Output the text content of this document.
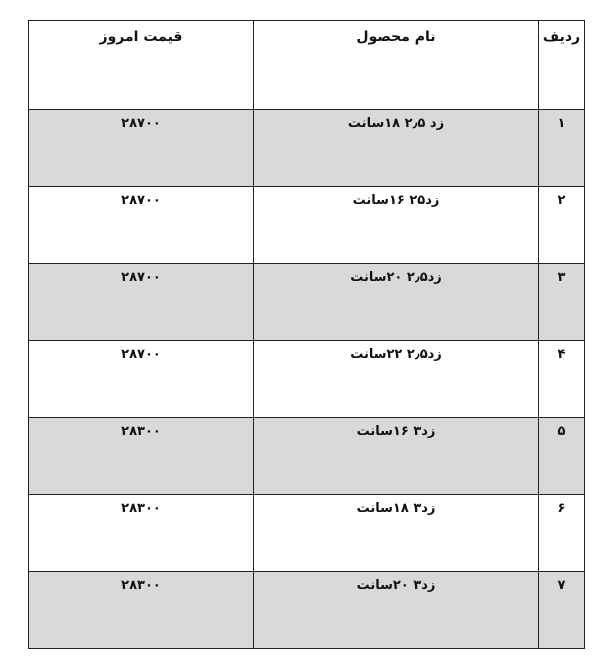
قیمت امروز	نام محصول	ردیف
۲۸۷۰۰	زد ۲٫۵ ۱۸سانت	۱
۲۸۷۰۰	زد۲۵ ۱۶سانت	۲
۲۸۷۰۰	زد۲٫۵ ۲۰سانت	۳
۲۸۷۰۰	زد۲٫۵ ۲۲سانت	۴
۲۸۳۰۰	زد۳ ۱۶سانت	۵
۲۸۳۰۰	زد۳ ۱۸سانت	۶
۲۸۳۰۰	زد۳ ۲۰سانت	۷
